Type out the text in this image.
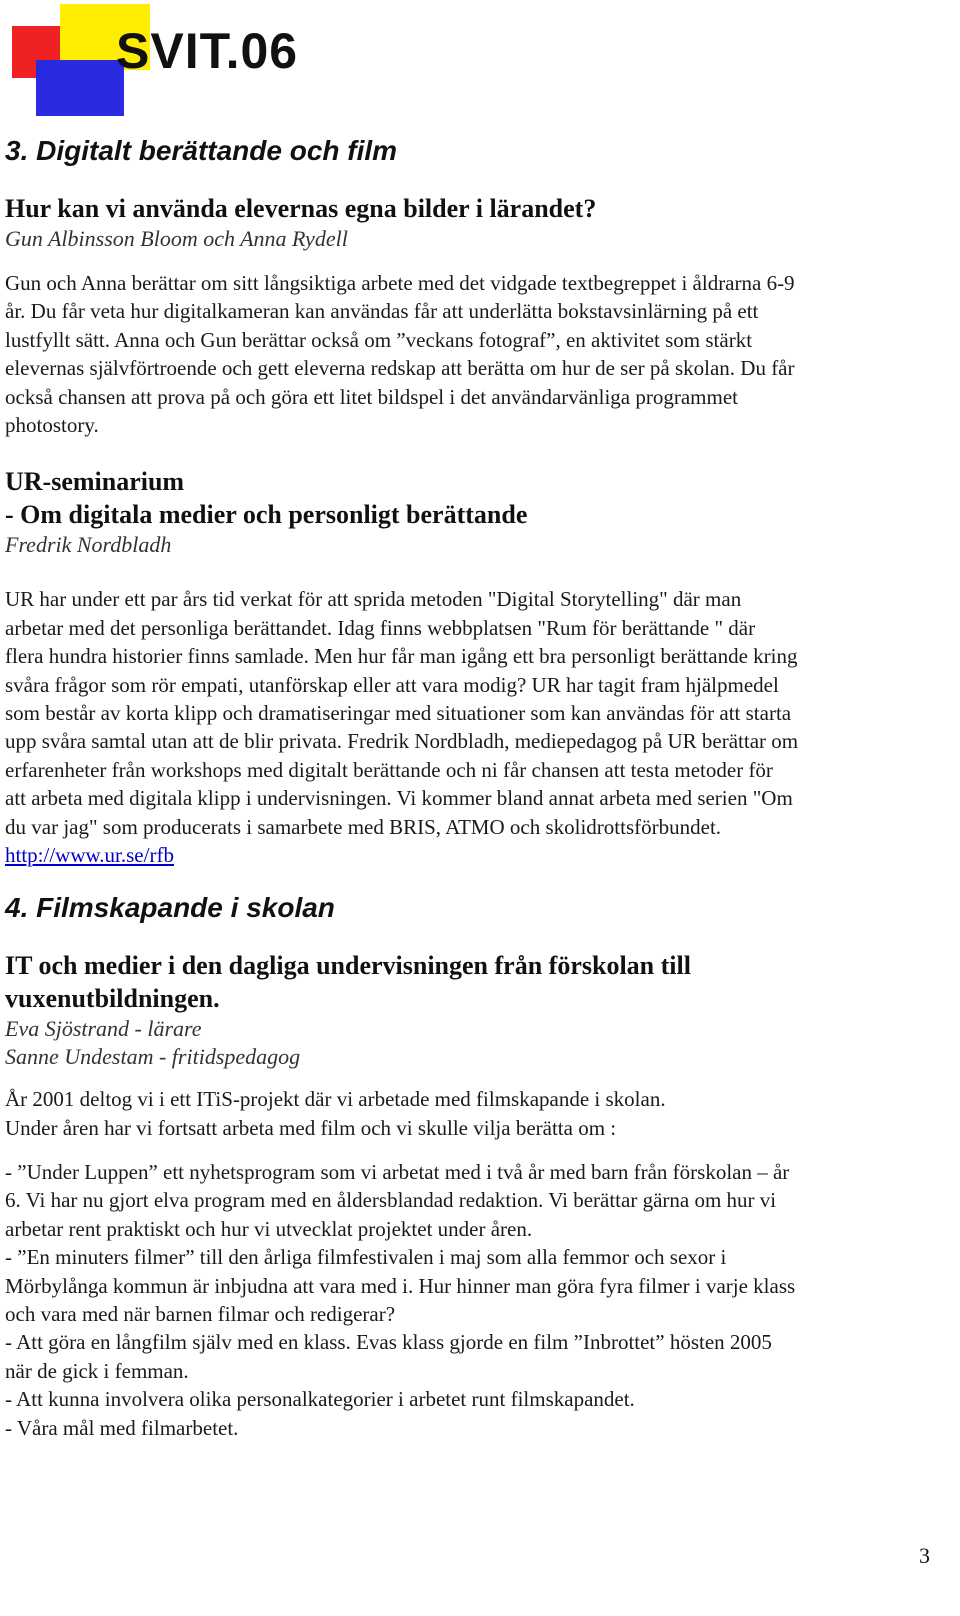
SVIT.06
3. Digitalt berättande och film
Hur kan vi använda elevernas egna bilder i lärandet?

Gun Albinsson Bloom och Anna Rydell

Gun och Anna berättar om sitt långsiktiga arbete med det vidgade textbegreppet i åldrarna 6-9

år. Du får veta hur digitalkameran kan användas får att underlätta bokstavsinlärning på ett

lustfyllt sätt. Anna och Gun berättar också om ”veckans fotograf”, en aktivitet som stärkt

elevernas självförtroende och gett eleverna redskap att berätta om hur de ser på skolan. Du får

också chansen att prova på och göra ett litet bildspel i det användarvänliga programmet

photostory.

UR-seminarium
- Om digitala medier och personligt berättande

Fredrik Nordbladh

UR har under ett par års tid verkat för att sprida metoden "Digital Storytelling" där man

arbetar med det personliga berättandet. Idag finns webbplatsen "Rum för berättande " där

flera hundra historier finns samlade. Men hur får man igång ett bra personligt berättande kring

svåra frågor som rör empati, utanförskap eller att vara modig? UR har tagit fram hjälpmedel

som består av korta klipp och dramatiseringar med situationer som kan användas för att starta

upp svåra samtal utan att de blir privata. Fredrik Nordbladh, mediepedagog på UR berättar om

erfarenheter från workshops med digitalt berättande och ni får chansen att testa metoder för

att arbeta med digitala klipp i undervisningen. Vi kommer bland annat arbeta med serien "Om

du var jag" som producerats i samarbete med BRIS, ATMO och skolidrottsförbundet.

http://www.ur.se/rfb
4. Filmskapande i skolan
IT och medier i den dagliga undervisningen från förskolan till
vuxenutbildningen.

Eva Sjöstrand - lärare

Sanne Undestam - fritidspedagog

År 2001 deltog vi i ett ITiS-projekt där vi arbetade med filmskapande i skolan.

Under åren har vi fortsatt arbeta med film och vi skulle vilja berätta om :

- ”Under Luppen” ett nyhetsprogram som vi arbetat med i två år med barn från förskolan – år

6. Vi har nu gjort elva program med en åldersblandad redaktion. Vi berättar gärna om hur vi

arbetar rent praktiskt och hur vi utvecklat projektet under åren.

- ”En minuters filmer” till den årliga filmfestivalen i maj som alla femmor och sexor i

Mörbylånga kommun är inbjudna att vara med i. Hur hinner man göra fyra filmer i varje klass

och vara med när barnen filmar och redigerar?

- Att göra en långfilm själv med en klass. Evas klass gjorde en film ”Inbrottet” hösten 2005

när de gick i femman.

- Att kunna involvera olika personalkategorier i arbetet runt filmskapandet.

- Våra mål med filmarbetet.

3
